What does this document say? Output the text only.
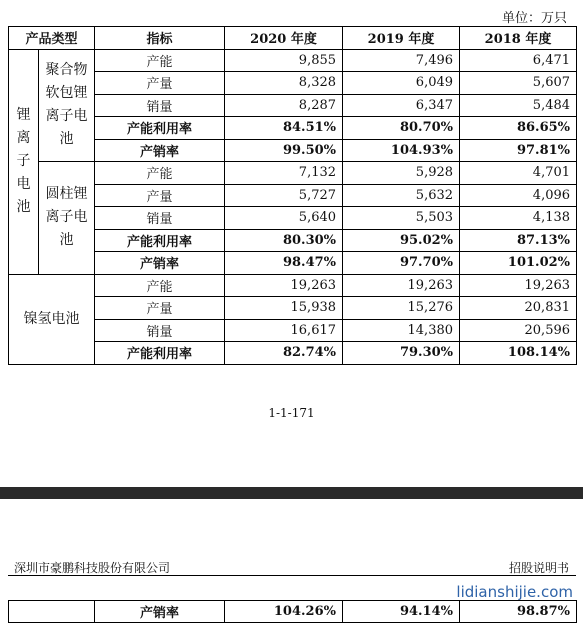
单位：万只
产品类型		指标	2020 年度	2019 年度	2018 年度
锂离子电池	聚合物软包锂离子电池	产能	9,855	7,496	6,471
		产量	8,328	6,049	5,607
		销量	8,287	6,347	5,484
		产能利用率	84.51%	80.70%	86.65%
		产销率	99.50%	104.93%	97.81%
	圆柱锂离子电池	产能	7,132	5,928	4,701
		产量	5,727	5,632	4,096
		销量	5,640	5,503	4,138
		产能利用率	80.30%	95.02%	87.13%
		产销率	98.47%	97.70%	101.02%
镍氢电池		产能	19,263	19,263	19,263
		产量	15,938	15,276	20,831
		销量	16,617	14,380	20,596
		产能利用率	82.74%	79.30%	108.14%
1-1-171
深圳市豪鹏科技股份有限公司	招股说明书
lidianshijie.com
	产销率	104.26%	94.14%	98.87%
